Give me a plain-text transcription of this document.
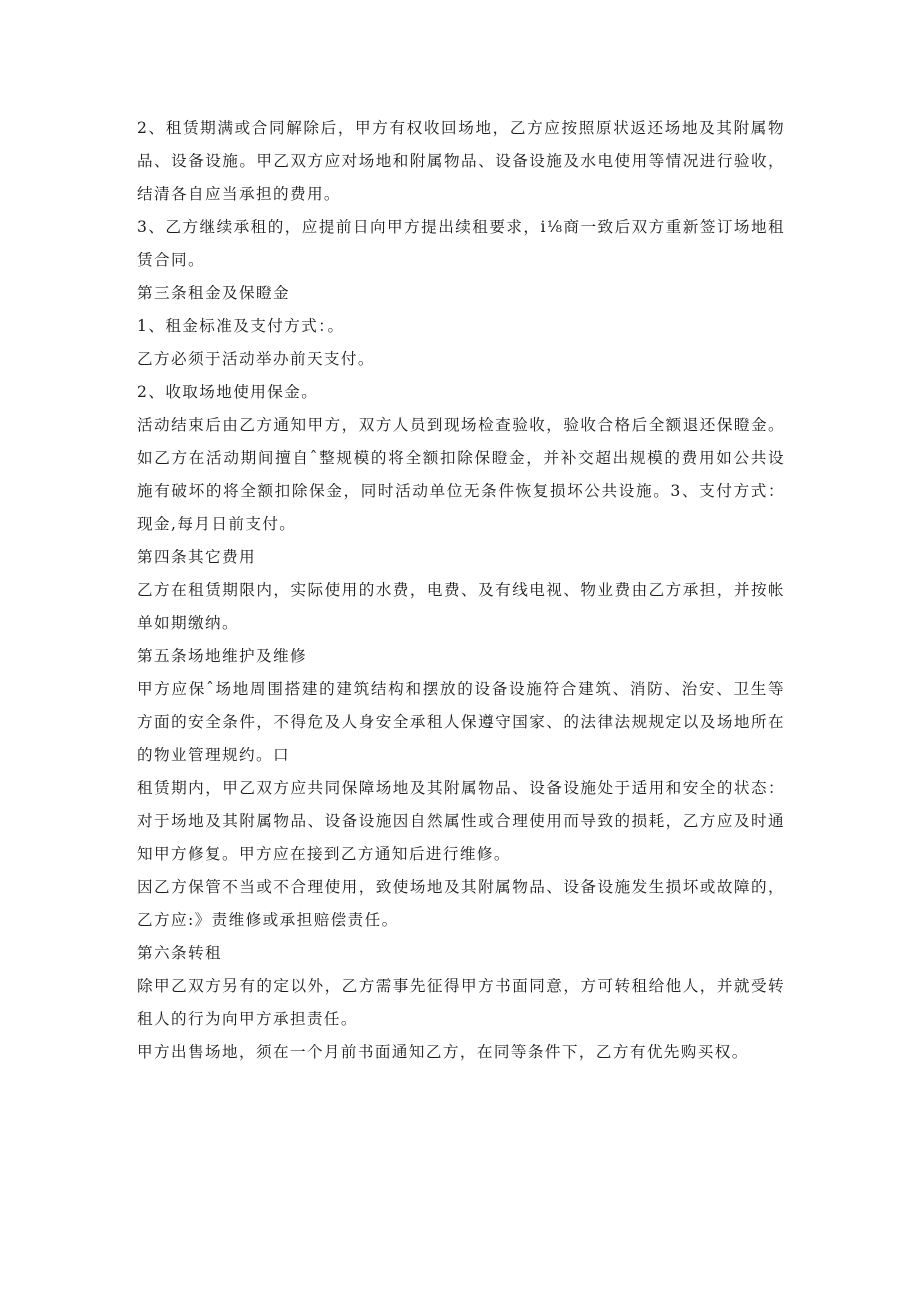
2、租赁期满或合同解除后，甲方有权收回场地，乙方应按照原状返还场地及其附属物品、设备设施。甲乙双方应对场地和附属物品、设备设施及水电使用等情况进行验收，结清各自应当承担的费用。

3、乙方继续承租的，应提前日向甲方提出续租要求，i⅛商一致后双方重新签订场地租赁合同。

第三条租金及保瞪金

1、租金标准及支付方式：。

乙方必须于活动举办前天支付。

2、收取场地使用保金。

活动结束后由乙方通知甲方，双方人员到现场检查验收，验收合格后全额退还保瞪金。如乙方在活动期间擅自ˆ整规模的将全额扣除保瞪金，并补交超出规模的费用如公共设施有破坏的将全额扣除保金，同时活动单位无条件恢复损坏公共设施。3、支付方式：现金,每月日前支付。

第四条其它费用

乙方在租赁期限内，实际使用的水费，电费、及有线电视、物业费由乙方承担，并按帐单如期缴纳。

第五条场地维护及维修

甲方应保ˆ场地周围搭建的建筑结构和摆放的设备设施符合建筑、消防、治安、卫生等方面的安全条件，不得危及人身安全承租人保遵守国家、的法律法规规定以及场地所在的物业管理规约。口

租赁期内，甲乙双方应共同保障场地及其附属物品、设备设施处于适用和安全的状态：对于场地及其附属物品、设备设施因自然属性或合理使用而导致的损耗，乙方应及时通知甲方修复。甲方应在接到乙方通知后进行维修。

因乙方保管不当或不合理使用，致使场地及其附属物品、设备设施发生损坏或故障的，乙方应:》责维修或承担赔偿责任。

第六条转租

除甲乙双方另有的定以外，乙方需事先征得甲方书面同意，方可转租给他人，并就受转租人的行为向甲方承担责任。

甲方出售场地，须在一个月前书面通知乙方，在同等条件下，乙方有优先购买权。
